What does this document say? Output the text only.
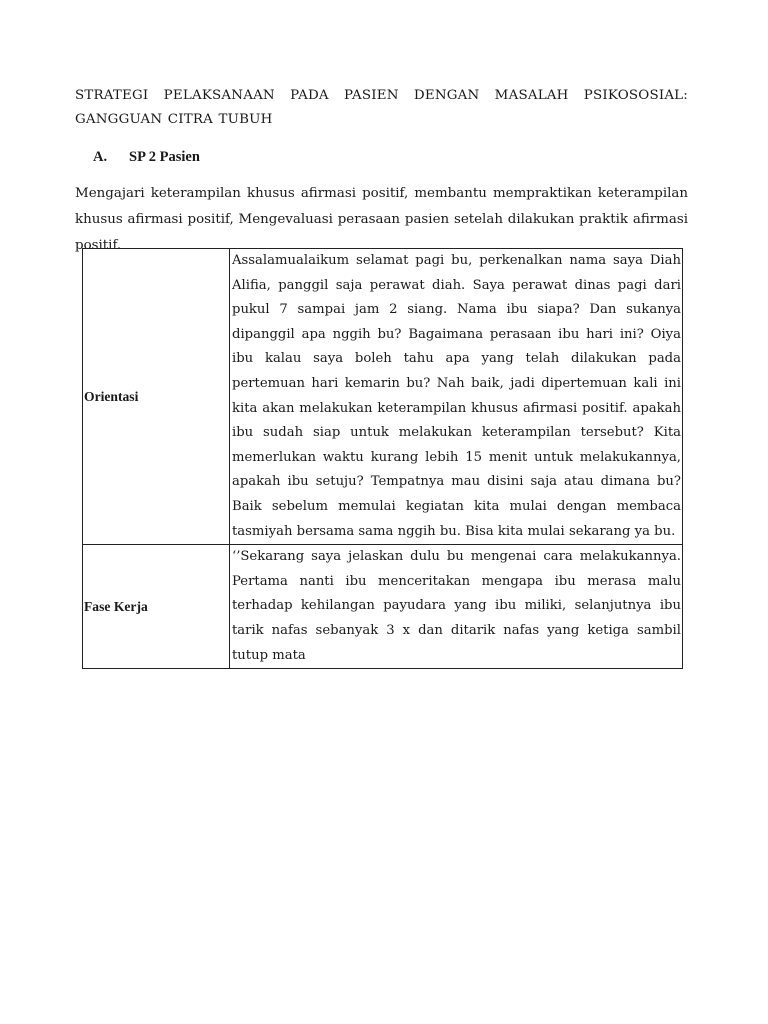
STRATEGI PELAKSANAAN PADA PASIEN DENGAN MASALAH PSIKOSOSIAL: GANGGUAN CITRA TUBUH
A. SP 2 Pasien
Mengajari keterampilan khusus afirmasi positif, membantu mempraktikan keterampilan khusus afirmasi positif, Mengevaluasi perasaan pasien setelah dilakukan praktik afirmasi positif.
Orientasi	Assalamualaikum selamat pagi bu, perkenalkan nama saya Diah Alifia, panggil saja perawat diah. Saya perawat dinas pagi dari pukul 7 sampai jam 2 siang. Nama ibu siapa? Dan sukanya dipanggil apa nggih bu? Bagaimana perasaan ibu hari ini? Oiya ibu kalau saya boleh tahu apa yang telah dilakukan pada pertemuan hari kemarin bu? Nah baik, jadi dipertemuan kali ini kita akan melakukan keterampilan khusus afirmasi positif. apakah ibu sudah siap untuk melakukan keterampilan tersebut? Kita memerlukan waktu kurang lebih 15 menit untuk melakukannya, apakah ibu setuju? Tempatnya mau disini saja atau dimana bu? Baik sebelum memulai kegiatan kita mulai dengan membaca tasmiyah bersama sama nggih bu. Bisa kita mulai sekarang ya bu.
Fase Kerja	‘’Sekarang saya jelaskan dulu bu mengenai cara melakukannya. Pertama nanti ibu menceritakan mengapa ibu merasa malu terhadap kehilangan payudara yang ibu miliki, selanjutnya ibu tarik nafas sebanyak 3 x dan ditarik nafas yang ketiga sambil tutup mata
